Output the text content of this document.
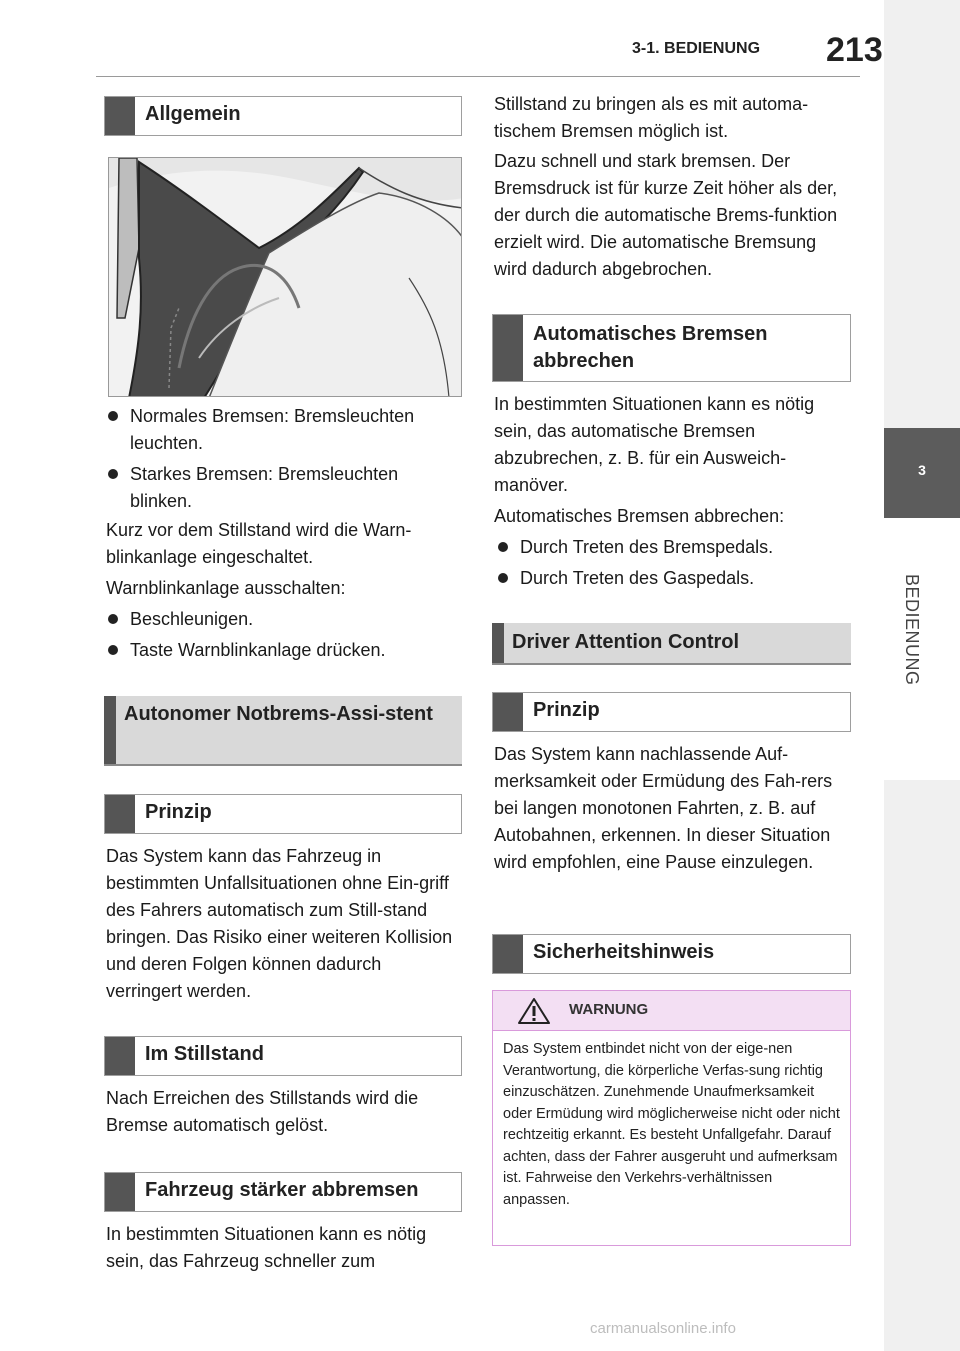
3-1. BEDIENUNG 213
3
BEDIENUNG
Allgemein
Normales Bremsen: Bremsleuchten leuchten.
Starkes Bremsen: Bremsleuchten blinken.

Kurz vor dem Stillstand wird die Warn-blinkanlage eingeschaltet.

Warnblinkanlage ausschalten:

Beschleunigen.
Taste Warnblinkanlage drücken.
Autonomer Notbrems-Assi-stent
Prinzip

Das System kann das Fahrzeug in bestimmten Unfallsituationen ohne Ein-griff des Fahrers automatisch zum Still-stand bringen. Das Risiko einer weiteren Kollision und deren Folgen können dadurch verringert werden.

Im Stillstand

Nach Erreichen des Stillstands wird die Bremse automatisch gelöst.

Fahrzeug stärker abbremsen

In bestimmten Situationen kann es nötig sein, das Fahrzeug schneller zum

Stillstand zu bringen als es mit automa-tischem Bremsen möglich ist.

Dazu schnell und stark bremsen. Der Bremsdruck ist für kurze Zeit höher als der, der durch die automatische Brems-funktion erzielt wird. Die automatische Bremsung wird dadurch abgebrochen.

Automatisches Bremsen abbrechen

In bestimmten Situationen kann es nötig sein, das automatische Bremsen abzubrechen, z. B. für ein Ausweich-manöver.

Automatisches Bremsen abbrechen:

Durch Treten des Bremspedals.
Durch Treten des Gaspedals.
Driver Attention Control
Prinzip

Das System kann nachlassende Auf-merksamkeit oder Ermüdung des Fah-rers bei langen monotonen Fahrten, z. B. auf Autobahnen, erkennen. In dieser Situation wird empfohlen, eine Pause einzulegen.

Sicherheitshinweis
WARNUNG

Das System entbindet nicht von der eige-nen Verantwortung, die körperliche Verfas-sung richtig einzuschätzen. Zunehmende Unaufmerksamkeit oder Ermüdung wird möglicherweise nicht oder nicht rechtzeitig erkannt. Es besteht Unfallgefahr. Darauf achten, dass der Fahrer ausgeruht und aufmerksam ist. Fahrweise den Verkehrs-verhältnissen anpassen.

carmanualsonline.info
